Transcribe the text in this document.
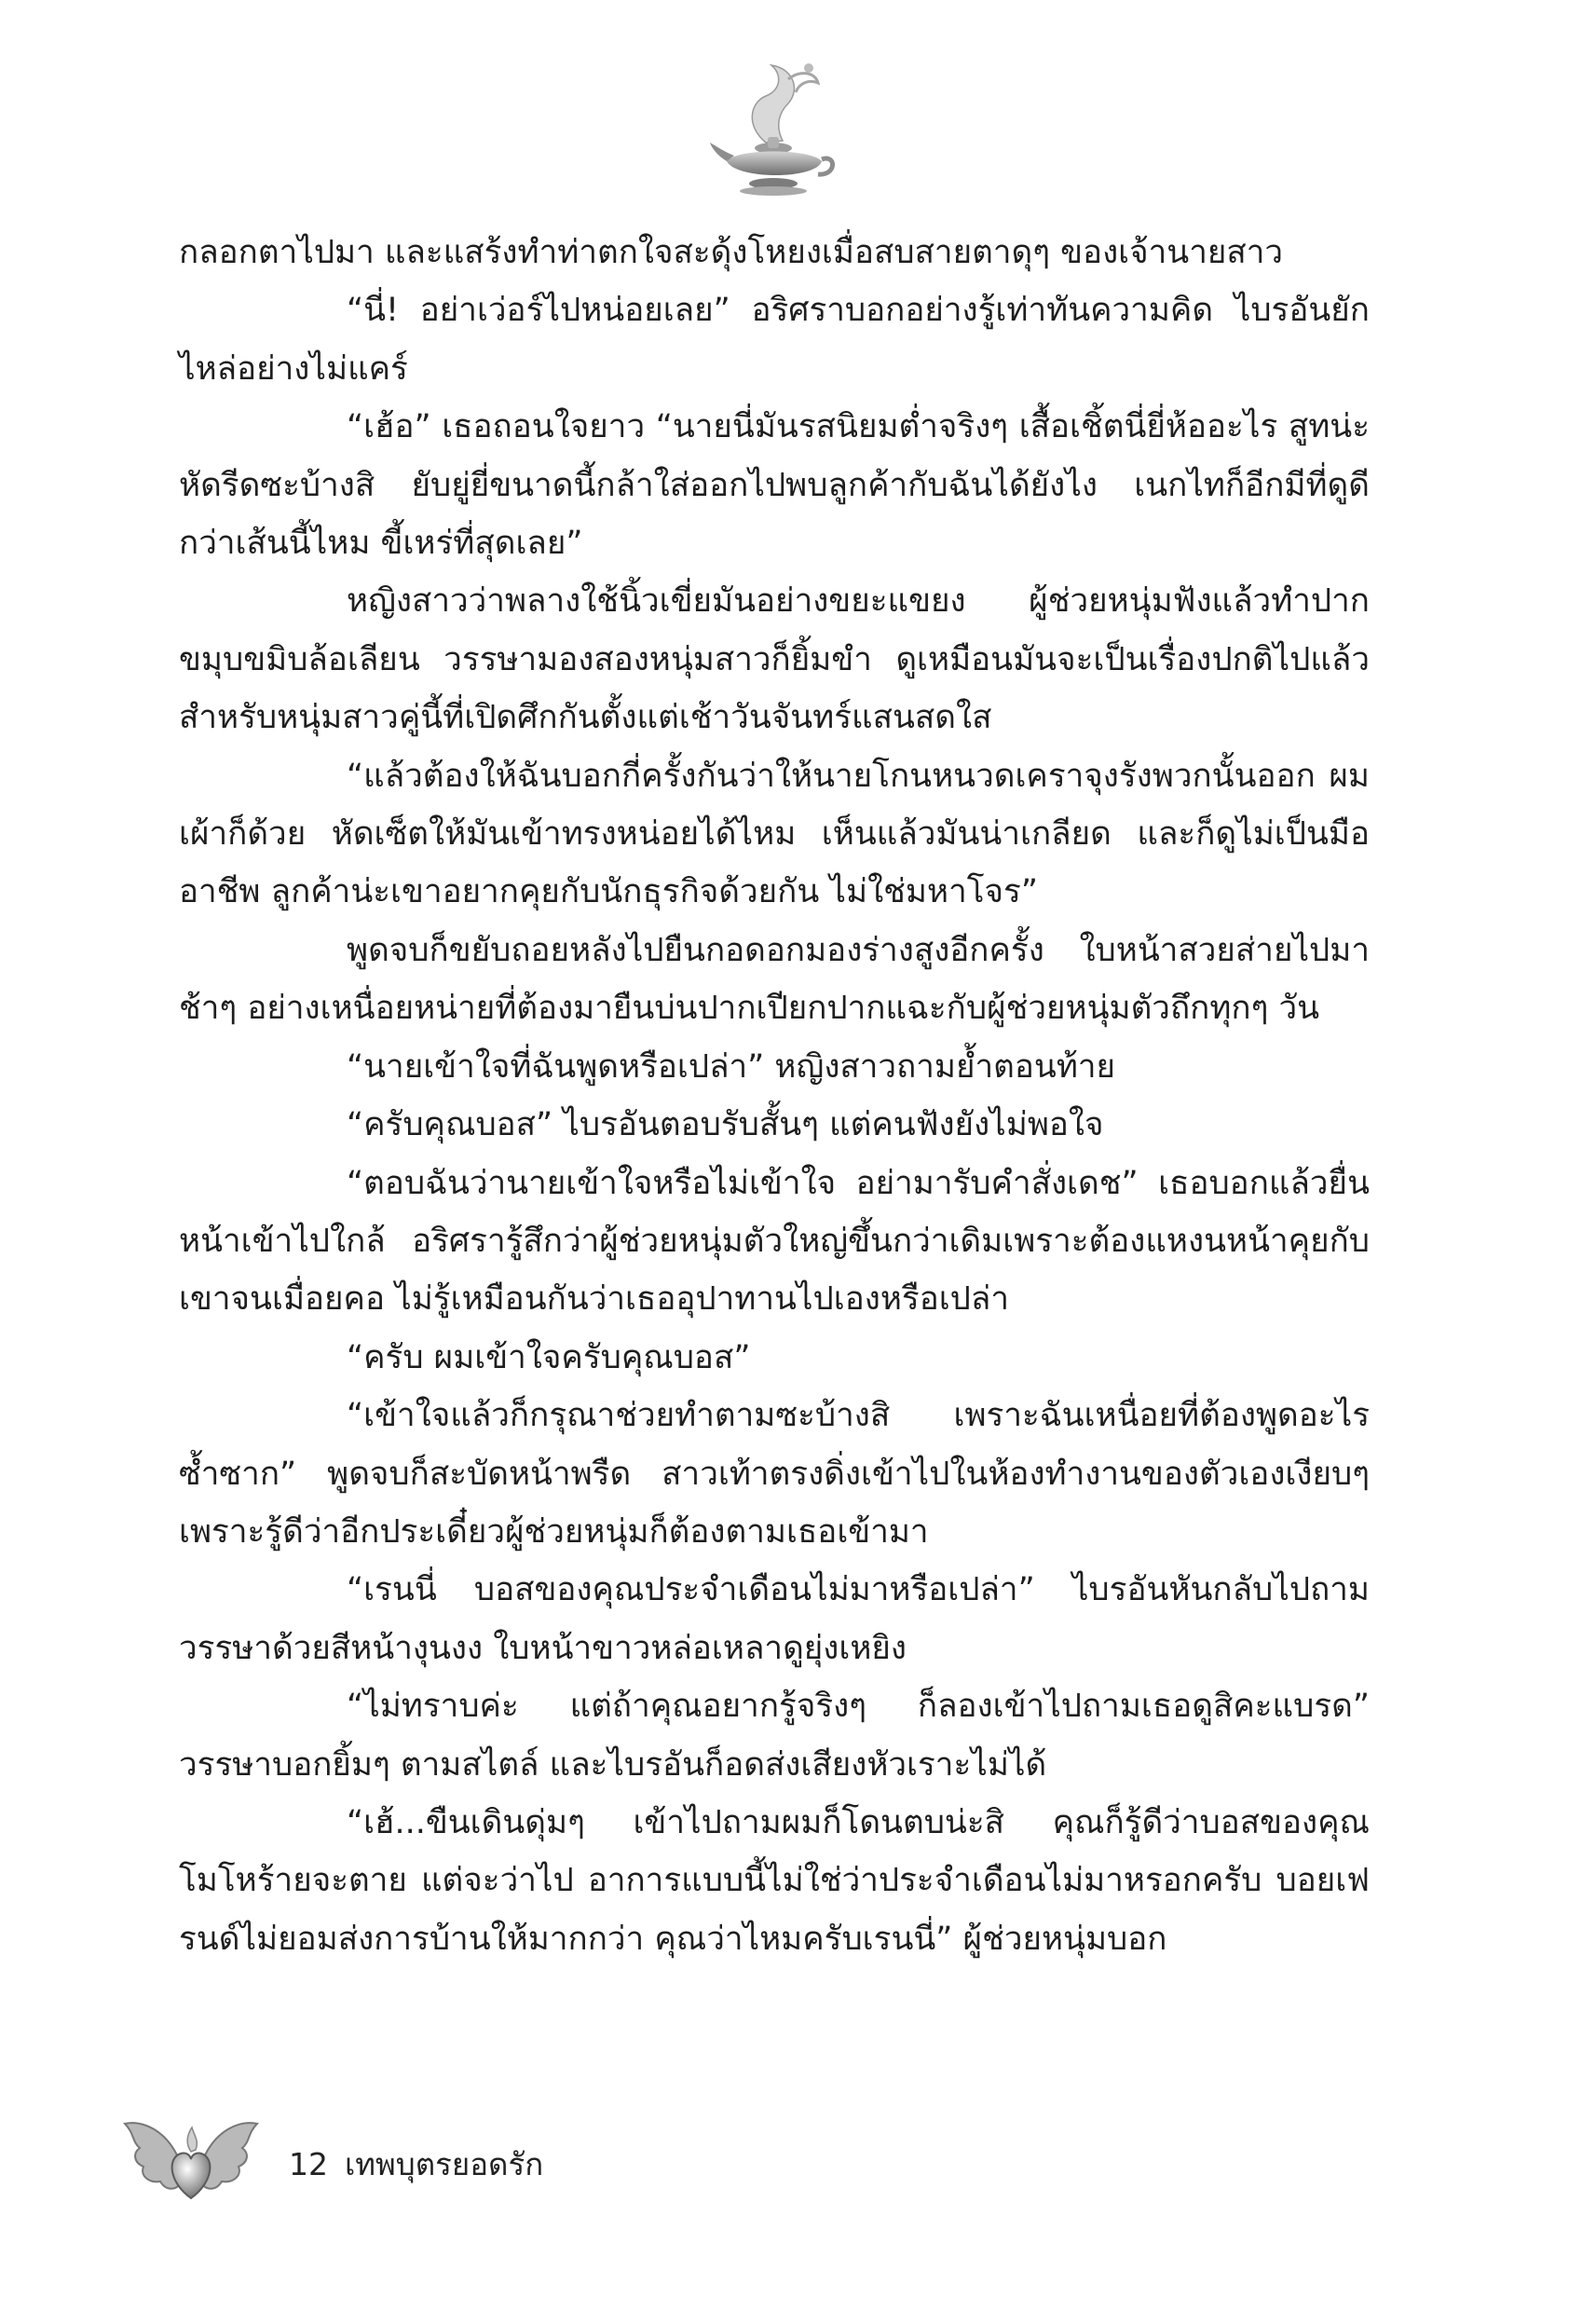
กลอกตาไปมา และแสร้งทำท่าตกใจสะดุ้งโหยงเมื่อสบสายตาดุๆ ของเจ้านายสาว

“นี่! อย่าเว่อร์ไปหน่อยเลย” อริศราบอกอย่างรู้เท่าทันความคิด ไบรอันยักไหล่อย่างไม่แคร์

“เฮ้อ” เธอถอนใจยาว “นายนี่มันรสนิยมต่ำจริงๆ เสื้อเชิ้ตนี่ยี่ห้ออะไร สูทน่ะหัดรีดซะบ้างสิ ยับยู่ยี่ขนาดนี้กล้าใส่ออกไปพบลูกค้ากับฉันได้ยังไง เนกไทก็อีกมีที่ดูดีกว่าเส้นนี้ไหม ขี้เหร่ที่สุดเลย”

หญิงสาวว่าพลางใช้นิ้วเขี่ยมันอย่างขยะแขยง ผู้ช่วยหนุ่มฟังแล้วทำปากขมุบขมิบล้อเลียน วรรษามองสองหนุ่มสาวก็ยิ้มขำ ดูเหมือนมันจะเป็นเรื่องปกติไปแล้วสำหรับหนุ่มสาวคู่นี้ที่เปิดศึกกันตั้งแต่เช้าวันจันทร์แสนสดใส

“แล้วต้องให้ฉันบอกกี่ครั้งกันว่าให้นายโกนหนวดเคราจุงรังพวกนั้นออก ผมเผ้าก็ด้วย หัดเซ็ตให้มันเข้าทรงหน่อยได้ไหม เห็นแล้วมันน่าเกลียด และก็ดูไม่เป็นมืออาชีพ ลูกค้าน่ะเขาอยากคุยกับนักธุรกิจด้วยกัน ไม่ใช่มหาโจร”

พูดจบก็ขยับถอยหลังไปยืนกอดอกมองร่างสูงอีกครั้ง ใบหน้าสวยส่ายไปมาช้าๆ อย่างเหนื่อยหน่ายที่ต้องมายืนบ่นปากเปียกปากแฉะกับผู้ช่วยหนุ่มตัวถึกทุกๆ วัน

“นายเข้าใจที่ฉันพูดหรือเปล่า” หญิงสาวถามย้ำตอนท้าย

“ครับคุณบอส” ไบรอันตอบรับสั้นๆ แต่คนฟังยังไม่พอใจ

“ตอบฉันว่านายเข้าใจหรือไม่เข้าใจ อย่ามารับคำสั่งเดช” เธอบอกแล้วยื่นหน้าเข้าไปใกล้ อริศรารู้สึกว่าผู้ช่วยหนุ่มตัวใหญ่ขึ้นกว่าเดิมเพราะต้องแหงนหน้าคุยกับเขาจนเมื่อยคอ ไม่รู้เหมือนกันว่าเธออุปาทานไปเองหรือเปล่า

“ครับ ผมเข้าใจครับคุณบอส”

“เข้าใจแล้วก็กรุณาช่วยทำตามซะบ้างสิ เพราะฉันเหนื่อยที่ต้องพูดอะไรซ้ำซาก” พูดจบก็สะบัดหน้าพรืด สาวเท้าตรงดิ่งเข้าไปในห้องทำงานของตัวเองเงียบๆ เพราะรู้ดีว่าอีกประเดี๋ยวผู้ช่วยหนุ่มก็ต้องตามเธอเข้ามา

“เรนนี่ บอสของคุณประจำเดือนไม่มาหรือเปล่า” ไบรอันหันกลับไปถามวรรษาด้วยสีหน้างุนงง ใบหน้าขาวหล่อเหลาดูยุ่งเหยิง

“ไม่ทราบค่ะ แต่ถ้าคุณอยากรู้จริงๆ ก็ลองเข้าไปถามเธอดูสิคะแบรด” วรรษาบอกยิ้มๆ ตามสไตล์ และไบรอันก็อดส่งเสียงหัวเราะไม่ได้

“เฮ้...ขืนเดินดุ่มๆ เข้าไปถามผมก็โดนตบน่ะสิ คุณก็รู้ดีว่าบอสของคุณโมโหร้ายจะตาย แต่จะว่าไป อาการแบบนี้ไม่ใช่ว่าประจำเดือนไม่มาหรอกครับ บอยเฟรนด์ไม่ยอมส่งการบ้านให้มากกว่า คุณว่าไหมครับเรนนี่” ผู้ช่วยหนุ่มบอก

12 เทพบุตรยอดรัก
